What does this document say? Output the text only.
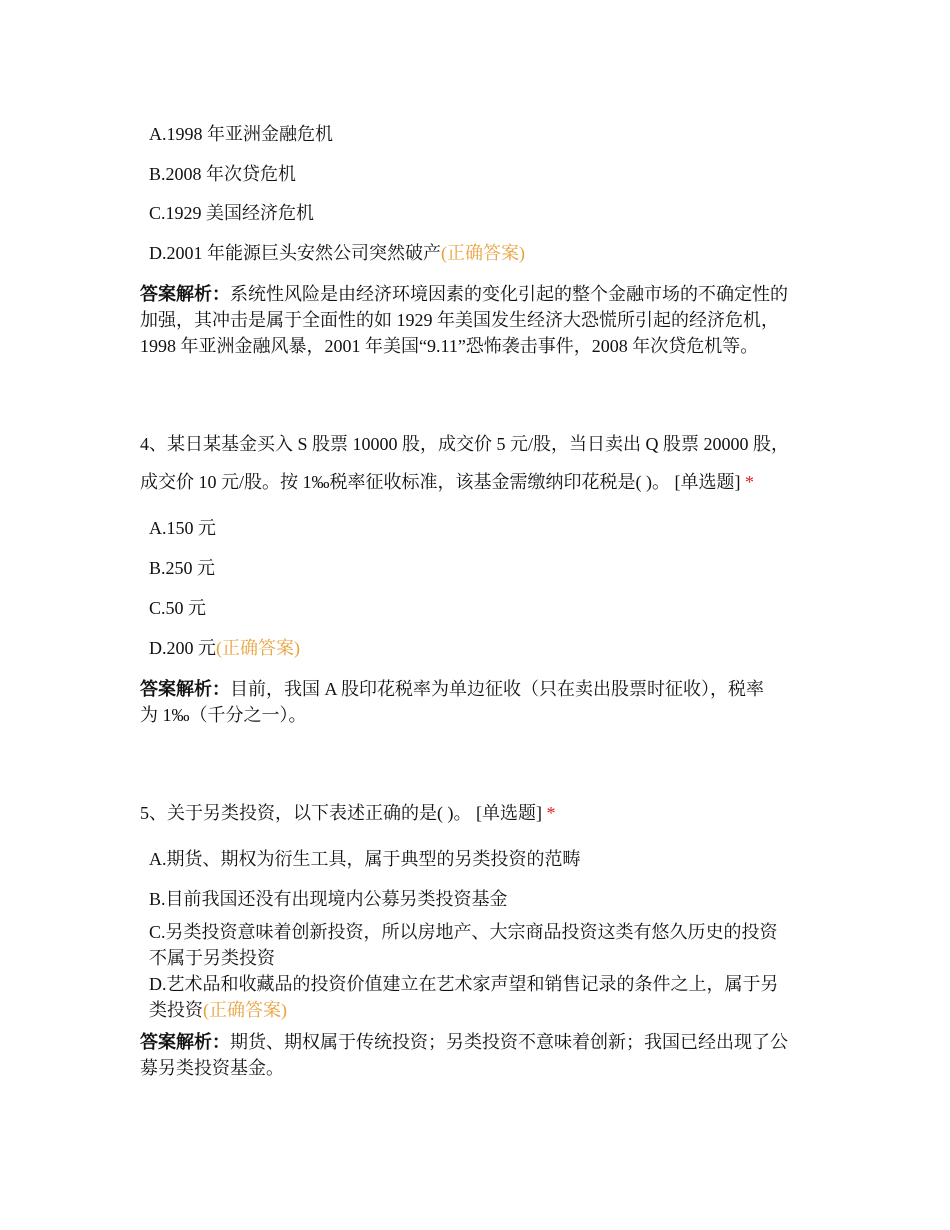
A.1998 年亚洲金融危机
B.2008 年次贷危机
C.1929 美国经济危机
D.2001 年能源巨头安然公司突然破产(正确答案)
答案解析：系统性风险是由经济环境因素的变化引起的整个金融市场的不确定性的
加强，其冲击是属于全面性的如 1929 年美国发生经济大恐慌所引起的经济危机，
1998 年亚洲金融风暴，2001 年美国“9.11”恐怖袭击事件，2008 年次贷危机等。
4、某日某基金买入 S 股票 10000 股，成交价 5 元/股，当日卖出 Q 股票 20000 股，
成交价 10 元/股。按 1‰税率征收标准，该基金需缴纳印花税是( )。 [单选题] *
A.150 元
B.250 元
C.50 元
D.200 元(正确答案)
答案解析：目前，我国 A 股印花税率为单边征收（只在卖出股票时征收），税率
为 1‰（千分之一）。
5、关于另类投资，以下表述正确的是( )。 [单选题] *
A.期货、期权为衍生工具，属于典型的另类投资的范畴
B.目前我国还没有出现境内公募另类投资基金
C.另类投资意味着创新投资，所以房地产、大宗商品投资这类有悠久历史的投资
不属于另类投资
D.艺术品和收藏品的投资价值建立在艺术家声望和销售记录的条件之上，属于另
类投资(正确答案)
答案解析：期货、期权属于传统投资；另类投资不意味着创新；我国已经出现了公
募另类投资基金。
